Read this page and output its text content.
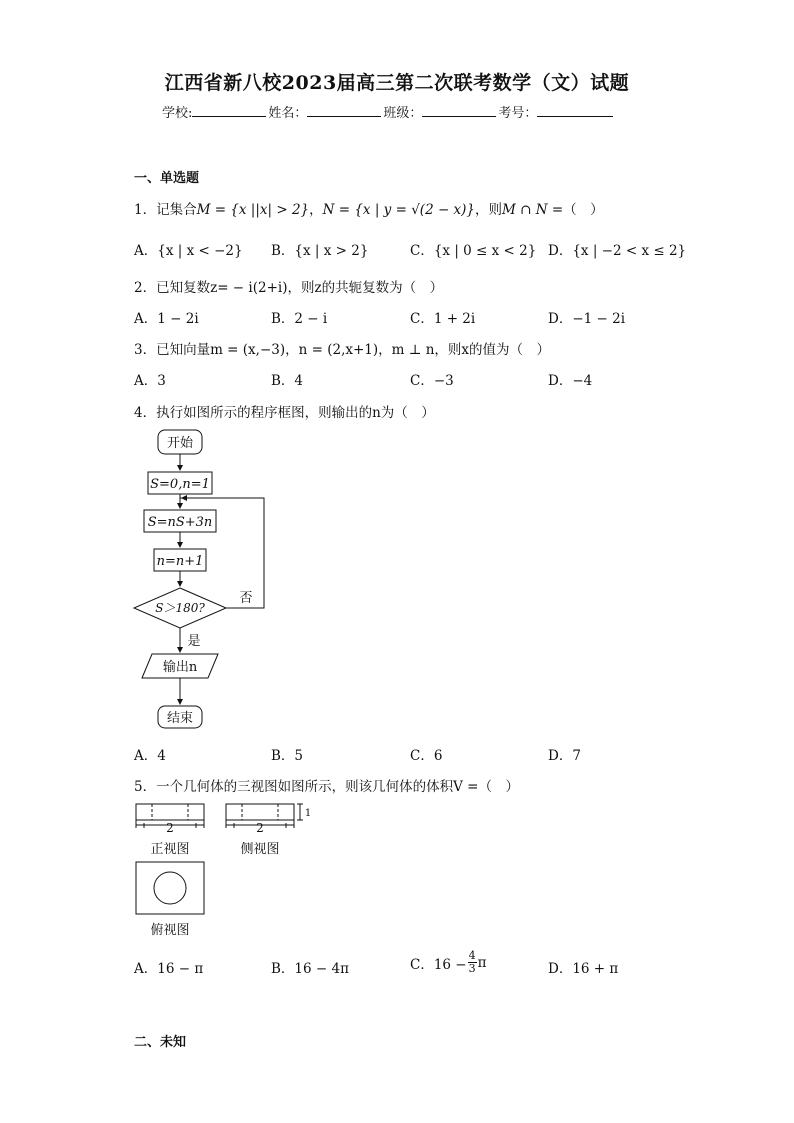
江西省新八校2023届高三第二次联考数学（文）试题
学校:	姓名：	班级：	考号：
一、单选题
1．记集合M = {x ||x| > 2}，N = {x | y = √(2 − x)}，则M ∩ N =（　）
A．{x | x < −2} B．{x | x > 2}	C．{x | 0 ≤ x < 2} D．{x | −2 < x ≤ 2}
2．已知复数z= − i(2+i)，则z的共轭复数为（　）
A．1 − 2i	B．2 − i	C．1 + 2i	D．−1 − 2i
3．已知向量m = (x,−3)，n = (2,x+1)，m ⊥ n，则x的值为（　）
A．3	B．4	C．−3	D．−4
4．执行如图所示的程序框图，则输出的n为（　）
开始
S=0,n=1
S=nS+3n
n=n+1
S＞180?
否
是
输出n
结束
A．4	B．5	C．6	D．7
5．一个几何体的三视图如图所示，则该几何体的体积V =（　）
2	2
1
正视图	侧视图
俯视图
A．16 − π	B．16 − 4π	C．$16 - \frac{4}{3}$ π	D．16 + π
二、未知
